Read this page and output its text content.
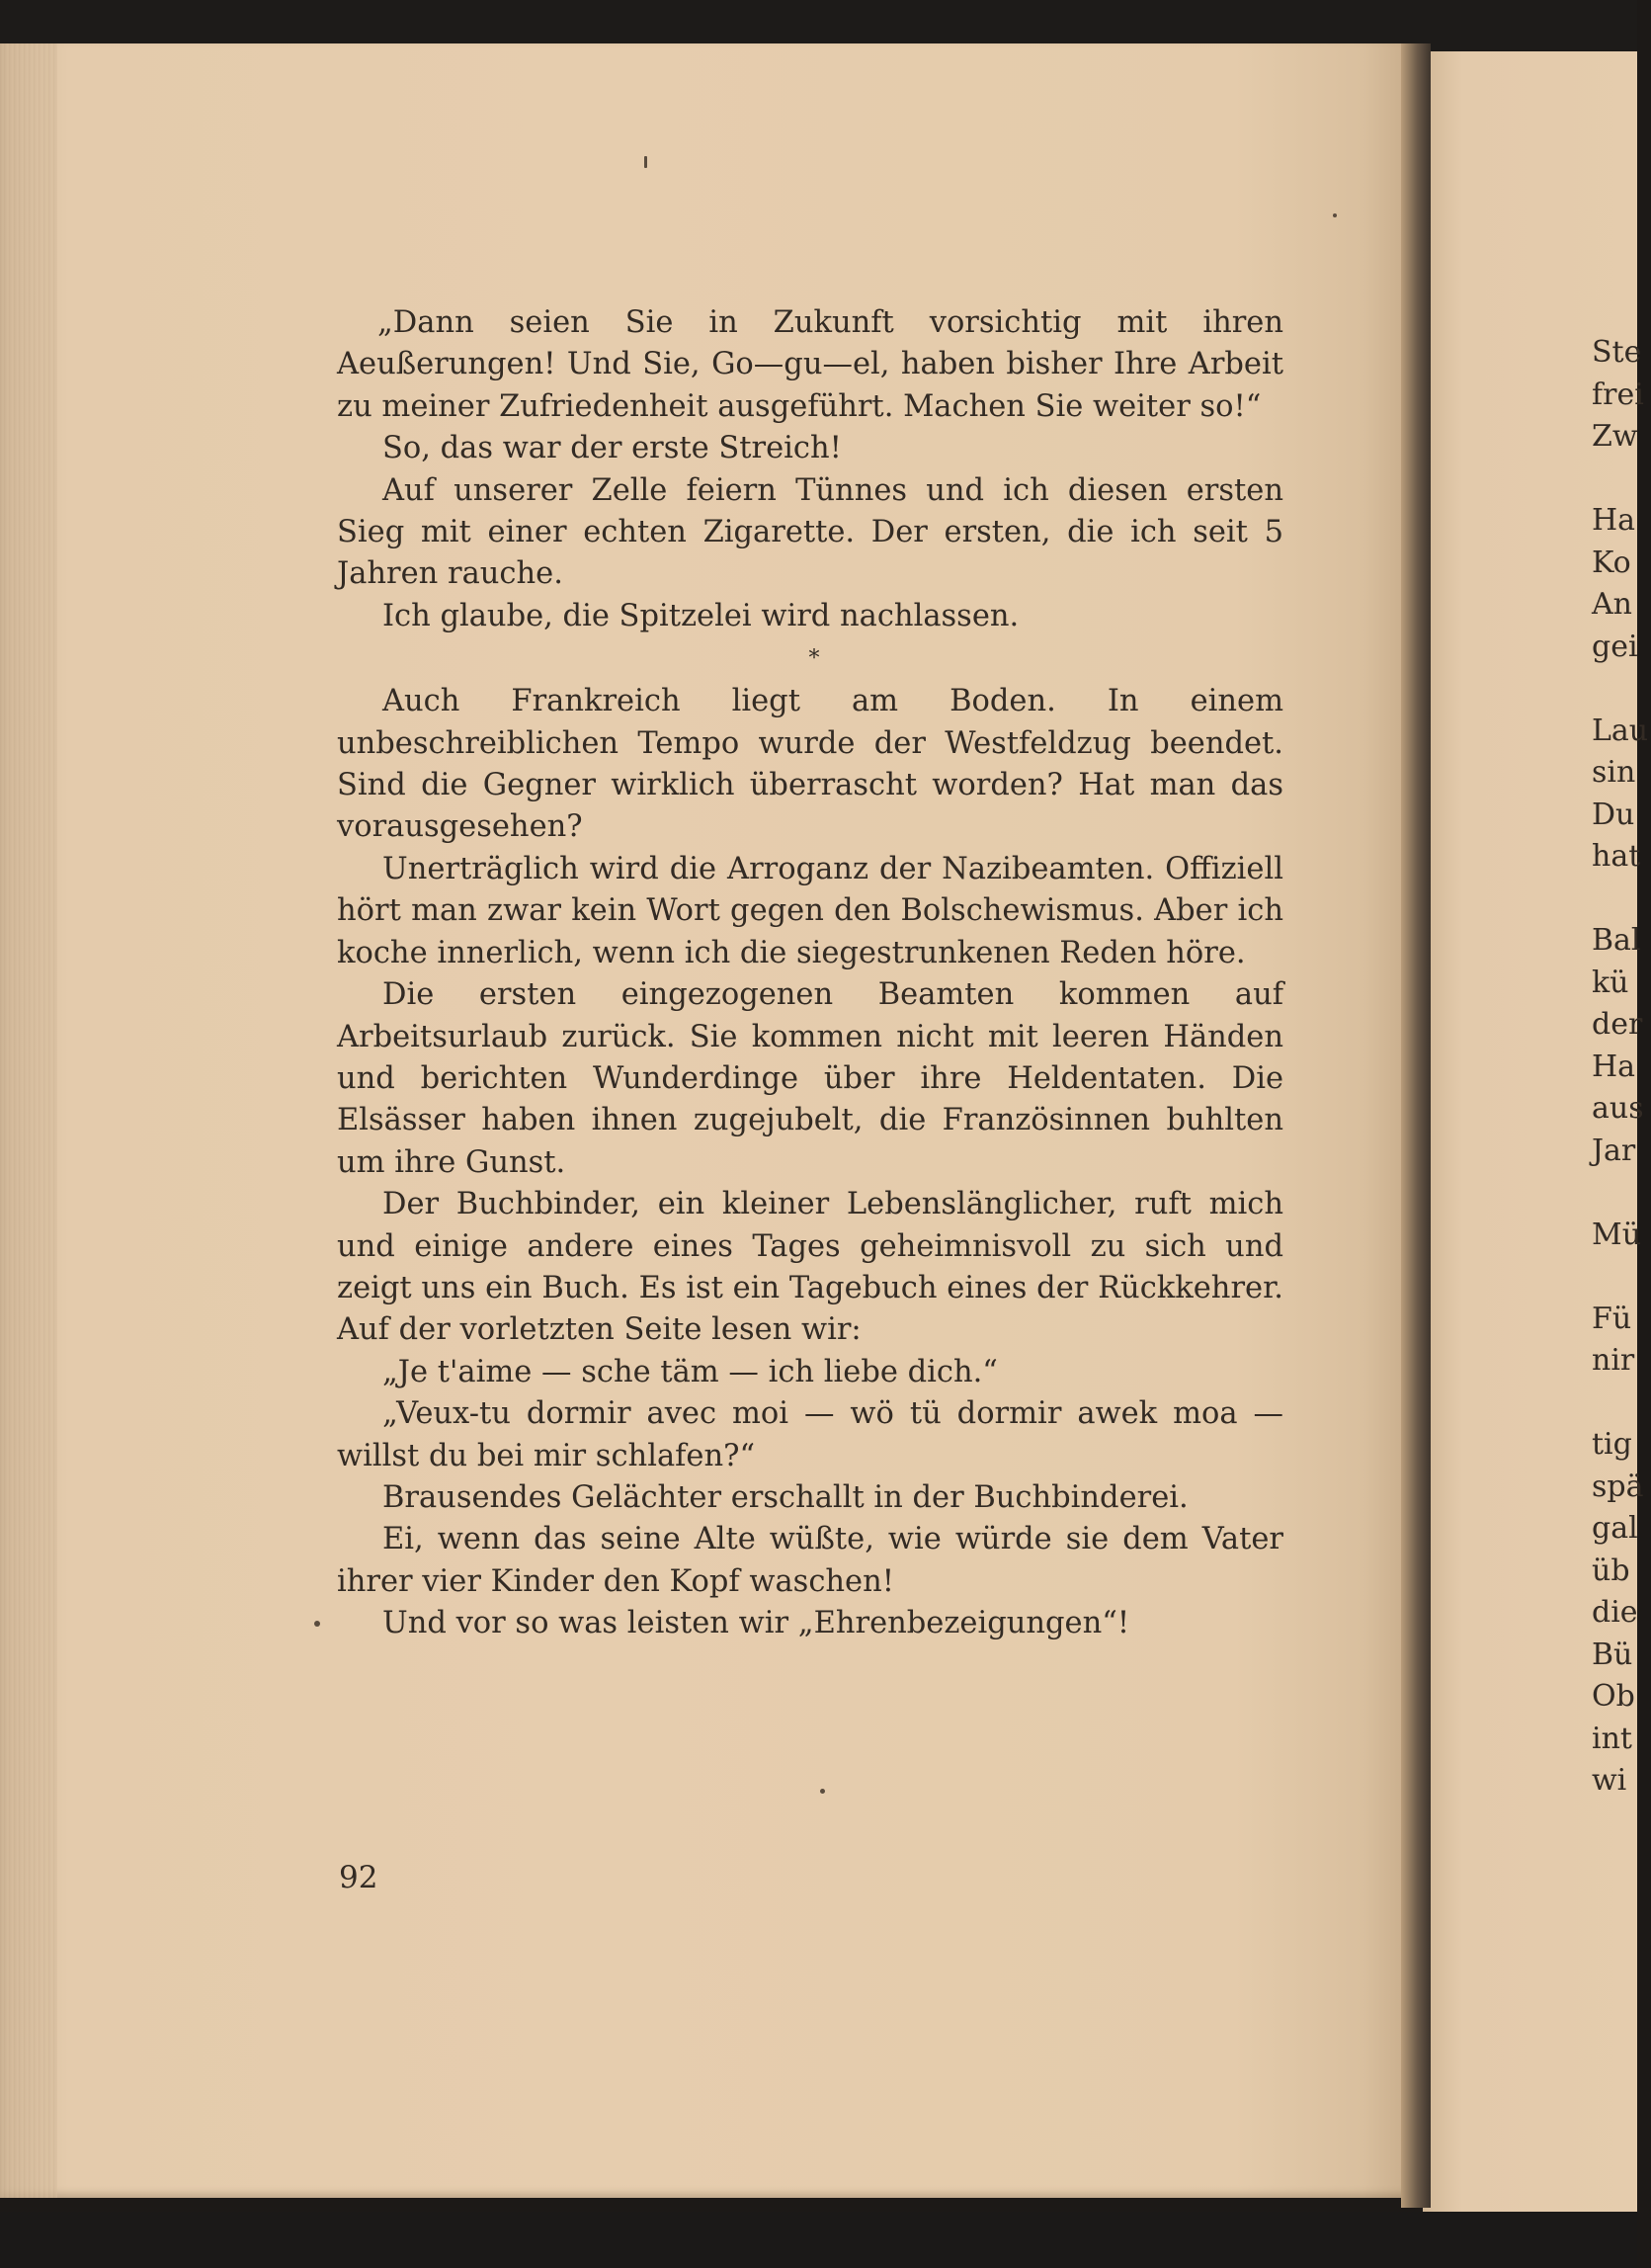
„Dann seien Sie in Zukunft vorsichtig mit ihren Aeußerungen! Und Sie, Go—gu—el, haben bisher Ihre Arbeit zu meiner Zufriedenheit ausgeführt. Machen Sie weiter so!“

So, das war der erste Streich!

Auf unserer Zelle feiern Tünnes und ich diesen ersten Sieg mit einer echten Zigarette. Der ersten, die ich seit 5 Jahren rauche.

Ich glaube, die Spitzelei wird nachlassen.

*

Auch Frankreich liegt am Boden. In einem unbeschreiblichen Tempo wurde der Westfeldzug beendet. Sind die Gegner wirklich überrascht worden? Hat man das vorausgesehen?

Unerträglich wird die Arroganz der Nazibeamten. Offiziell hört man zwar kein Wort gegen den Bolschewismus. Aber ich koche innerlich, wenn ich die siegestrunkenen Reden höre.

Die ersten eingezogenen Beamten kommen auf Arbeitsurlaub zurück. Sie kommen nicht mit leeren Händen und berichten Wunderdinge über ihre Heldentaten. Die Elsässer haben ihnen zugejubelt, die Französinnen buhlten um ihre Gunst.

Der Buchbinder, ein kleiner Lebenslänglicher, ruft mich und einige andere eines Tages geheimnisvoll zu sich und zeigt uns ein Buch. Es ist ein Tagebuch eines der Rückkehrer. Auf der vorletzten Seite lesen wir:

„Je t'aime — sche täm — ich liebe dich.“

„Veux-tu dormir avec moi — wö tü dormir awek moa — willst du bei mir schlafen?“

Brausendes Gelächter erschallt in der Buchbinderei.

Ei, wenn das seine Alte wüßte, wie würde sie dem Vater ihrer vier Kinder den Kopf waschen!

Und vor so was leisten wir „Ehrenbezeigungen“!

92
Ste
frei
Zw
Ha
Ko
An
gei
Lau
sin
Du
hat
Bal
kü
der
Ha
aus
Jar
Mü
Fü
nir
tig
spä
gal
üb
die
Bü
Ob
int
wi
